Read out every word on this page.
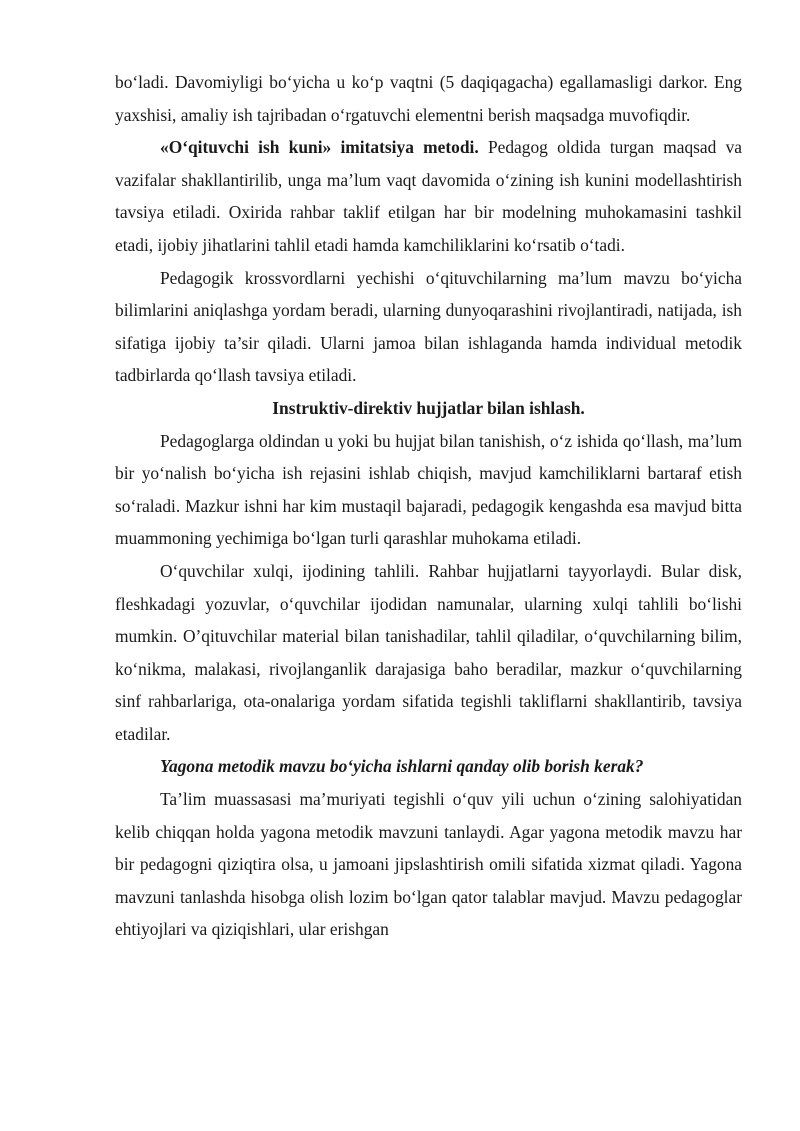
bo‘ladi. Davomiyligi bo‘yicha u ko‘p vaqtni (5 daqiqagacha) egallamasligi darkor. Eng yaxshisi, amaliy ish tajribadan o‘rgatuvchi elementni berish maqsadga muvofiqdir.

«O‘qituvchi ish kuni» imitatsiya metodi. Pedagog oldida turgan maqsad va vazifalar shakllantirilib, unga ma’lum vaqt davomida o‘zining ish kunini modellashtirish tavsiya etiladi. Oxirida rahbar taklif etilgan har bir modelning muhokamasini tashkil etadi, ijobiy jihatlarini tahlil etadi hamda kamchiliklarini ko‘rsatib o‘tadi.

Pedagogik krossvordlarni yechishi o‘qituvchilarning ma’lum mavzu bo‘yicha bilimlarini aniqlashga yordam beradi, ularning dunyoqarashini rivojlantiradi, natijada, ish sifatiga ijobiy ta’sir qiladi. Ularni jamoa bilan ishlaganda hamda individual metodik tadbirlarda qo‘llash tavsiya etiladi.

Instruktiv-direktiv hujjatlar bilan ishlash.

Pedagoglarga oldindan u yoki bu hujjat bilan tanishish, o‘z ishida qo‘llash, ma’lum bir yo‘nalish bo‘yicha ish rejasini ishlab chiqish, mavjud kamchiliklarni bartaraf etish so‘raladi. Mazkur ishni har kim mustaqil bajaradi, pedagogik kengashda esa mavjud bitta muammoning yechimiga bo‘lgan turli qarashlar muhokama etiladi.

O‘quvchilar xulqi, ijodining tahlili. Rahbar hujjatlarni tayyorlaydi. Bular disk, fleshkadagi yozuvlar, o‘quvchilar ijodidan namunalar, ularning xulqi tahlili bo‘lishi mumkin. O’qituvchilar material bilan tanishadilar, tahlil qiladilar, o‘quvchilarning bilim, ko‘nikma, malakasi, rivojlanganlik darajasiga baho beradilar, mazkur o‘quvchilarning sinf rahbarlariga, ota-onalariga yordam sifatida tegishli takliflarni shakllantirib, tavsiya etadilar.

Yagona metodik mavzu bo‘yicha ishlarni qanday olib borish kerak?

Ta’lim muassasasi ma’muriyati tegishli o‘quv yili uchun o‘zining salohiyatidan kelib chiqqan holda yagona metodik mavzuni tanlaydi. Agar yagona metodik mavzu har bir pedagogni qiziqtira olsa, u jamoani jipslashtirish omili sifatida xizmat qiladi. Yagona mavzuni tanlashda hisobga olish lozim bo‘lgan qator talablar mavjud. Mavzu pedagoglar ehtiyojlari va qiziqishlari, ular erishgan
